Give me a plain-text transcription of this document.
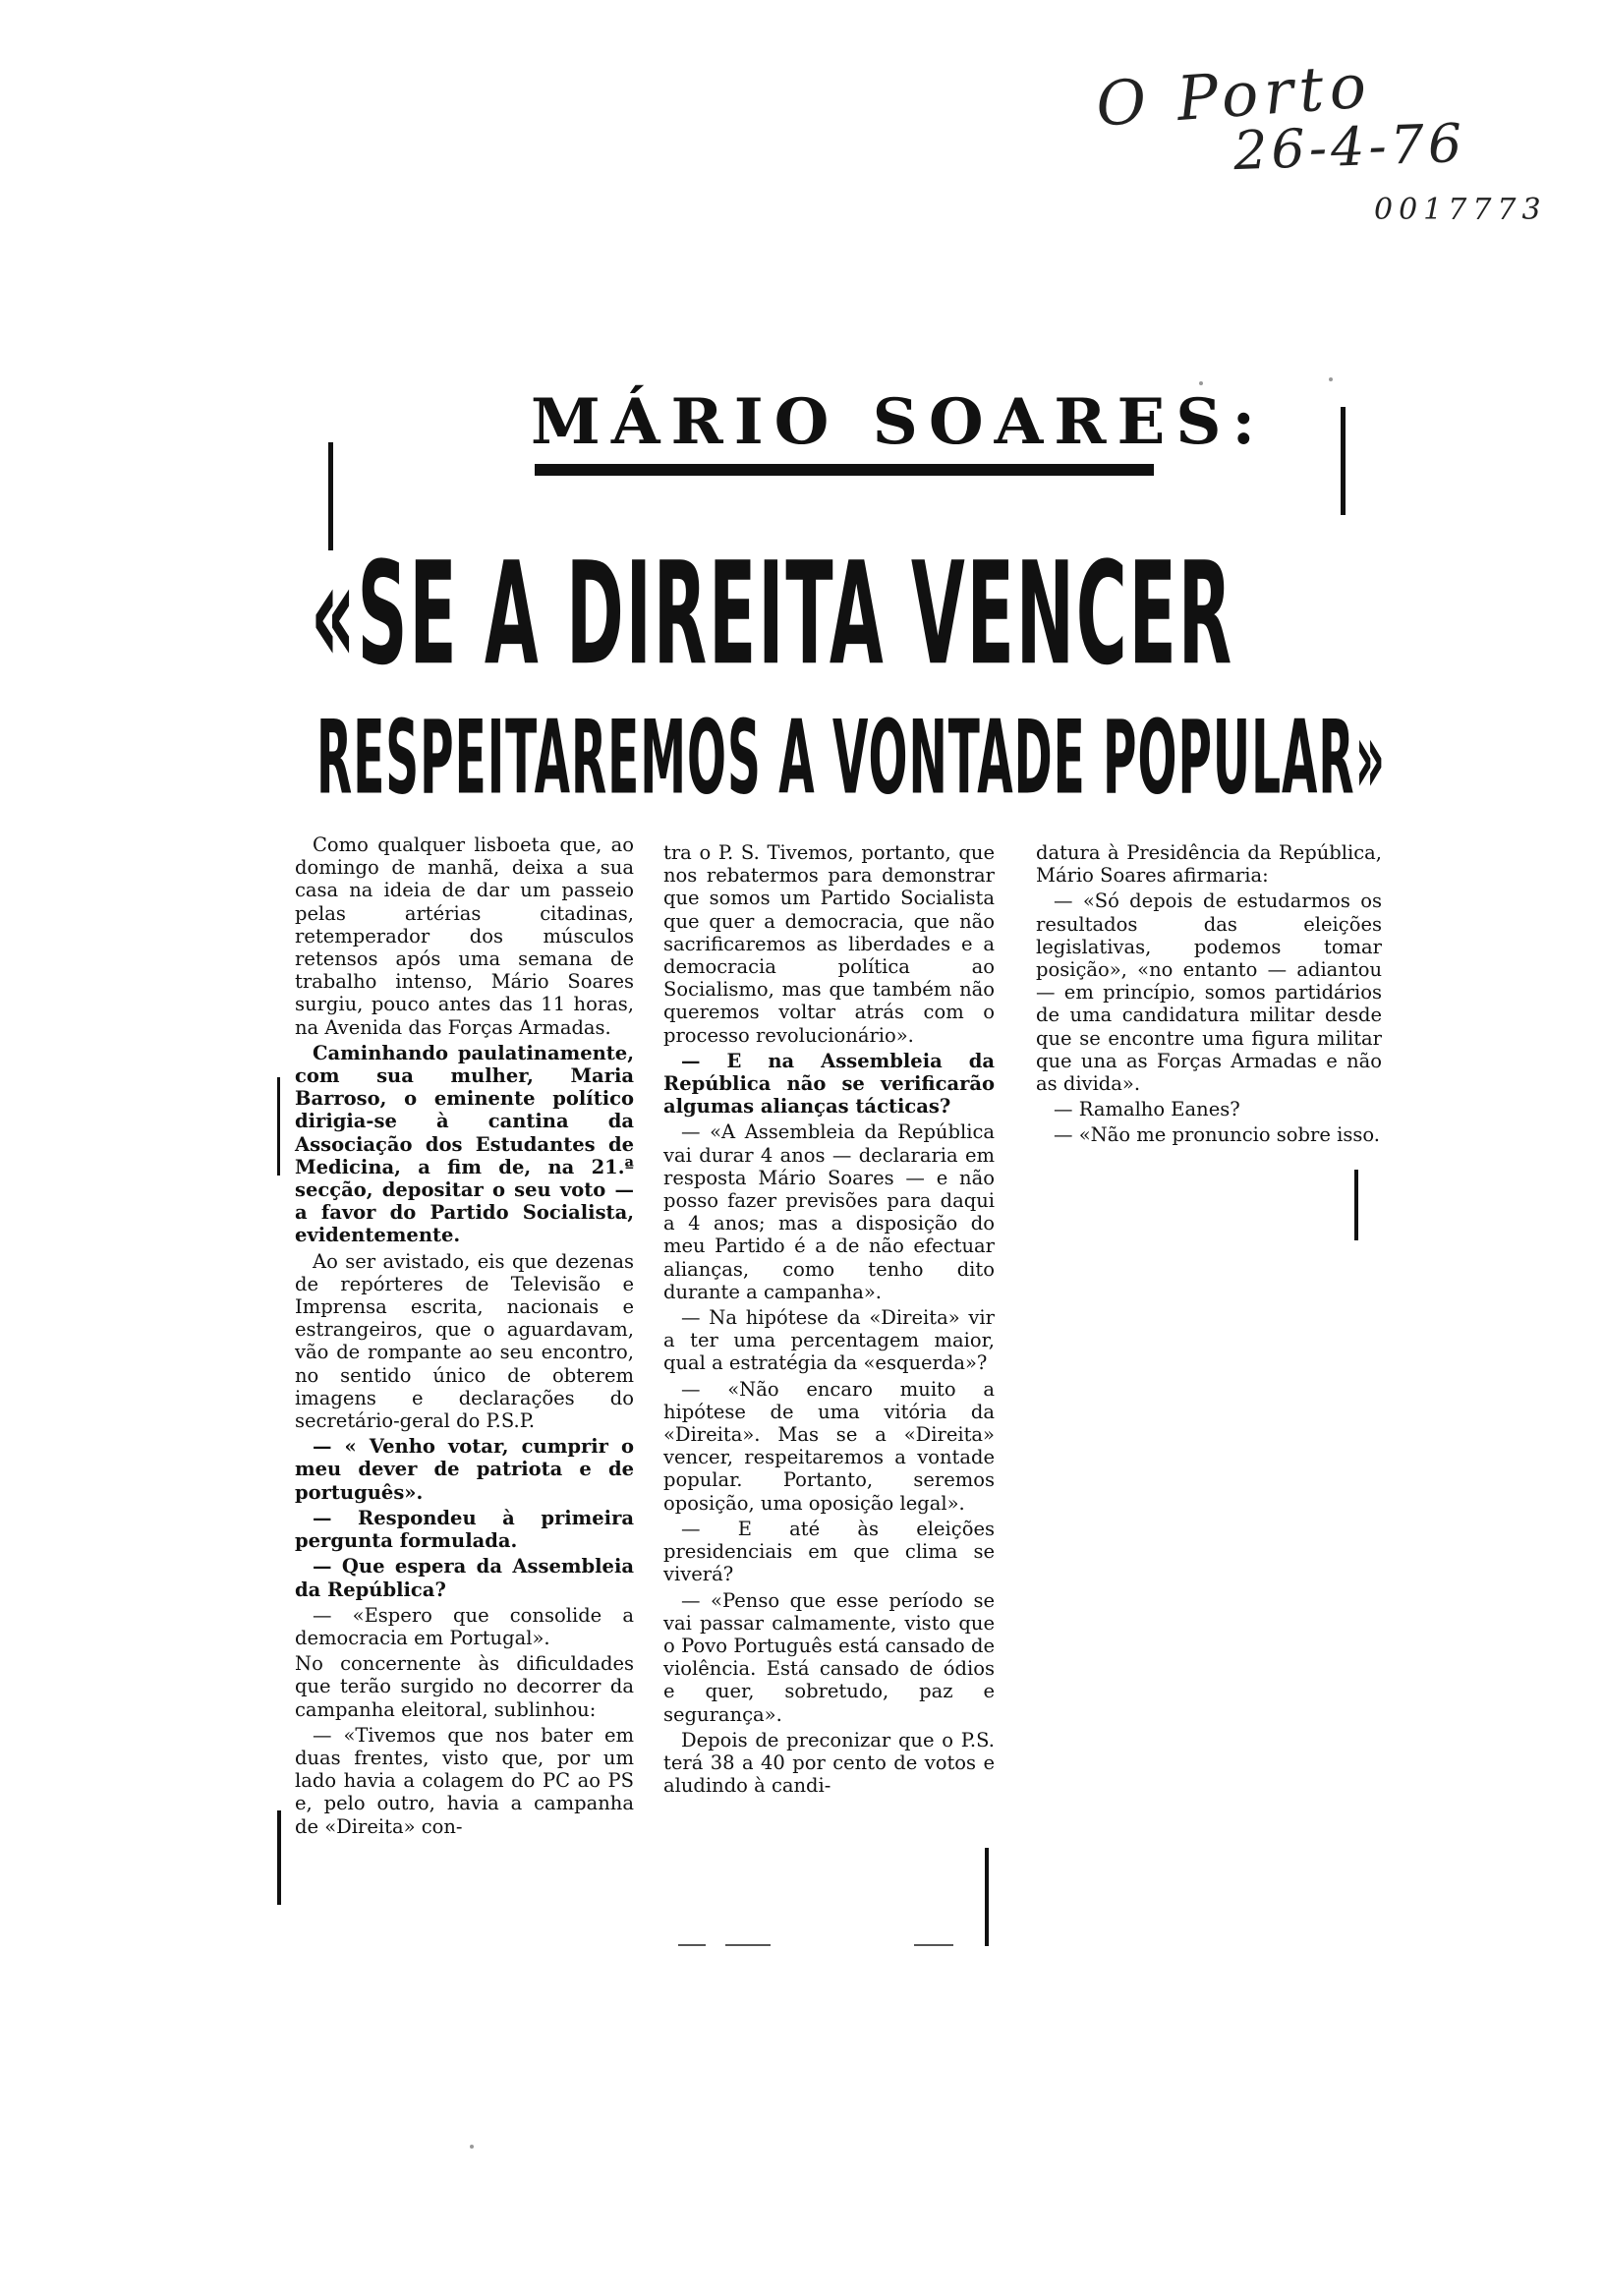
O Porto
26-4-76
0017773
MÁRIO SOARES:
«SE A DIREITA VENCER
RESPEITAREMOS A VONTADE POPULAR»

Como qualquer lisboeta que, ao domingo de manhã, deixa a sua casa na ideia de dar um passeio pelas artérias citadinas, retemperador dos músculos retensos após uma semana de trabalho intenso, Mário Soares surgiu, pouco antes das 11 horas, na Avenida das Forças Armadas.

Caminhando paulatinamente, com sua mulher, Maria Barroso, o eminente político dirigia-se à cantina da Associação dos Estudantes de Medicina, a fim de, na 21.ª secção, depositar o seu voto — a favor do Partido Socialista, evidentemente.

Ao ser avistado, eis que dezenas de repórteres de Televisão e Imprensa escrita, nacionais e estrangeiros, que o aguardavam, vão de rompante ao seu encontro, no sentido único de obterem imagens e declarações do secretário-geral do P.S.P.

— « Venho votar, cumprir o meu dever de patriota e de português».

— Respondeu à primeira pergunta formulada.

— Que espera da Assembleia da República?

— «Espero que consolide a democracia em Portugal».

No concernente às dificuldades que terão surgido no decorrer da campanha eleitoral, sublinhou:

— «Tivemos que nos bater em duas frentes, visto que, por um lado havia a colagem do PC ao PS e, pelo outro, havia a campanha de «Direita» con-

tra o P. S. Tivemos, portanto, que nos rebatermos para demonstrar que somos um Partido Socialista que quer a democracia, que não sacrificaremos as liberdades e a democracia política ao Socialismo, mas que também não queremos voltar atrás com o processo revolucionário».

— E na Assembleia da República não se verificarão algumas alianças tácticas?

— «A Assembleia da República vai durar 4 anos — declararia em resposta Mário Soares — e não posso fazer previsões para daqui a 4 anos; mas a disposição do meu Partido é a de não efectuar alianças, como tenho dito durante a campanha».

— Na hipótese da «Direita» vir a ter uma percentagem maior, qual a estratégia da «esquerda»?

— «Não encaro muito a hipótese de uma vitória da «Direita». Mas se a «Direita» vencer, respeitaremos a vontade popular. Portanto, seremos oposição, uma oposição legal».

— E até às eleições presidenciais em que clima se viverá?

— «Penso que esse período se vai passar calmamente, visto que o Povo Português está cansado de violência. Está cansado de ódios e quer, sobretudo, paz e segurança».

Depois de preconizar que o P.S. terá 38 a 40 por cento de votos e aludindo à candi-

datura à Presidência da República, Mário Soares afirmaria:

— «Só depois de estudarmos os resultados das eleições legislativas, podemos tomar posição», «no entanto — adiantou — em princípio, somos partidários de uma candidatura militar desde que se encontre uma figura militar que una as Forças Armadas e não as divida».

— Ramalho Eanes?

— «Não me pronuncio sobre isso.
